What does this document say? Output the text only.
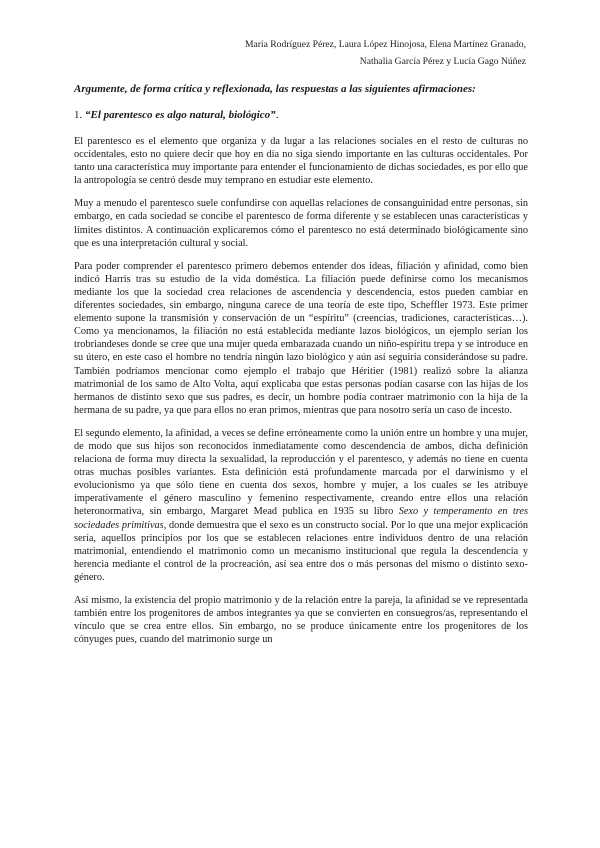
María Rodríguez Pérez, Laura López Hinojosa, Elena Martínez Granado,
Nathalia García Pérez y Lucía Gago Núñez
Argumente, de forma crítica y reflexionada, las respuestas a las siguientes afirmaciones:
1. “El parentesco es algo natural, biológico”.

El parentesco es el elemento que organiza y da lugar a las relaciones sociales en el resto de culturas no occidentales, esto no quiere decir que hoy en día no siga siendo importante en las culturas occidentales. Por tanto una característica muy importante para entender el funcionamiento de dichas sociedades, es por ello que la antropología se centró desde muy temprano en estudiar este elemento.

Muy a menudo el parentesco suele confundirse con aquellas relaciones de consanguinidad entre personas, sin embargo, en cada sociedad se concibe el parentesco de forma diferente y se establecen unas características y límites distintos. A continuación explicaremos cómo el parentesco no está determinado biológicamente sino que es una interpretación cultural y social.

Para poder comprender el parentesco primero debemos entender dos ideas, filiación y afinidad, como bien indicó Harris tras su estudio de la vida doméstica. La filiación puede definirse como los mecanismos mediante los que la sociedad crea relaciones de ascendencia y descendencia, estos pueden cambiar en diferentes sociedades, sin embargo, ninguna carece de una teoría de este tipo, Scheffler 1973. Este primer elemento supone la transmisión y conservación de un “espíritu” (creencias, tradiciones, características…). Como ya mencionamos, la filiación no está establecida mediante lazos biológicos, un ejemplo serían los trobriandeses donde se cree que una mujer queda embarazada cuando un niño-espíritu trepa y se introduce en su útero, en este caso el hombre no tendría ningún lazo biológico y aún así seguiría considerándose su padre. También podríamos mencionar como ejemplo el trabajo que Héritier (1981) realizó sobre la alianza matrimonial de los samo de Alto Volta, aquí explicaba que estas personas podían casarse con las hijas de los hermanos de distinto sexo que sus padres, es decir, un hombre podía contraer matrimonio con la hija de la hermana de su padre, ya que para ellos no eran primos, mientras que para nosotro sería un caso de incesto.

El segundo elemento, la afinidad, a veces se define erróneamente como la unión entre un hombre y una mujer, de modo que sus hijos son reconocidos inmediatamente como descendencia de ambos, dicha definición relaciona de forma muy directa la sexualidad, la reproducción y el parentesco, y además no tiene en cuenta otras muchas posibles variantes. Esta definición está profundamente marcada por el darwinismo y el evolucionismo ya que sólo tiene en cuenta dos sexos, hombre y mujer, a los cuales se les atribuye imperativamente el género masculino y femenino respectivamente, creando entre ellos una relación heteronormativa, sin embargo, Margaret Mead publica en 1935 su libro Sexo y temperamento en tres sociedades primitivas, donde demuestra que el sexo es un constructo social. Por lo que una mejor explicación sería, aquellos principios por los que se establecen relaciones entre individuos dentro de una relación matrimonial, entendiendo el matrimonio como un mecanismo institucional que regula la descendencia y herencia mediante el control de la procreación, así sea entre dos o más personas del mismo o distinto sexo-género.

Así mismo, la existencia del propio matrimonio y de la relación entre la pareja, la afinidad se ve representada también entre los progenitores de ambos integrantes ya que se convierten en consuegros/as, representando el vínculo que se crea entre ellos. Sin embargo, no se produce únicamente entre los progenitores de los cónyuges pues, cuando del matrimonio surge un
